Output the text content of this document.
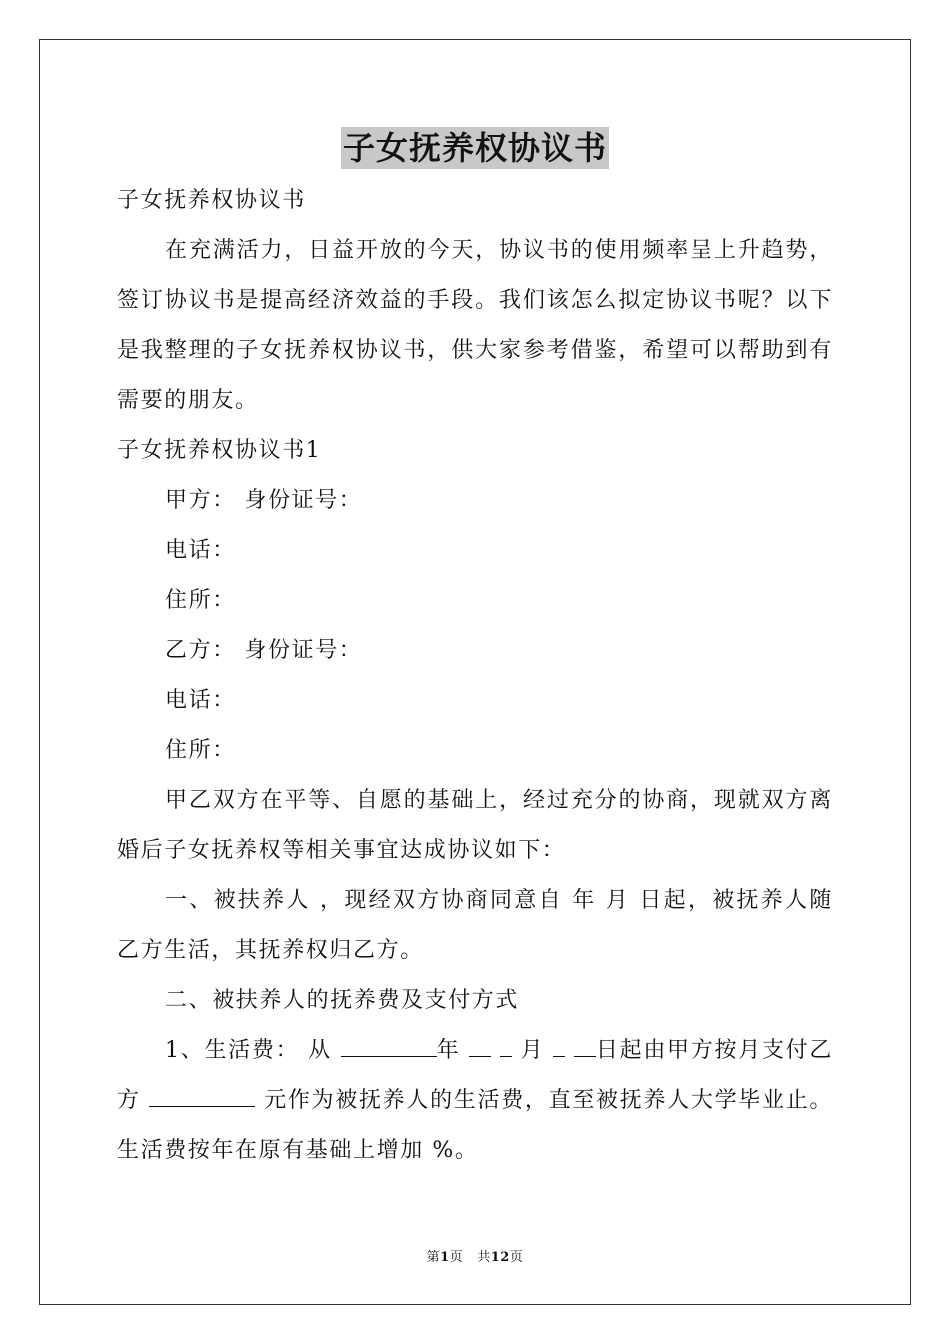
子女抚养权协议书

子女抚养权协议书

在充满活力，日益开放的今天，协议书的使用频率呈上升趋势，签订协议书是提高经济效益的手段。我们该怎么拟定协议书呢？以下是我整理的子女抚养权协议书，供大家参考借鉴，希望可以帮助到有需要的朋友。

子女抚养权协议书1

甲方： 身份证号：

电话：

住所：

乙方： 身份证号：

电话：

住所：

甲乙双方在平等、自愿的基础上，经过充分的协商，现就双方离婚后子女抚养权等相关事宜达成协议如下：

一、被扶养人 ，现经双方协商同意自 年 月 日起，被抚养人随乙方生活，其抚养权归乙方。

二、被扶养人的抚养费及支付方式

1、生活费： 从	年   月  日起由甲方按月支付乙方	元作为被抚养人的生活费，直至被抚养人大学毕业止。生活费按年在原有基础上增加 %。

第1页 共12页
